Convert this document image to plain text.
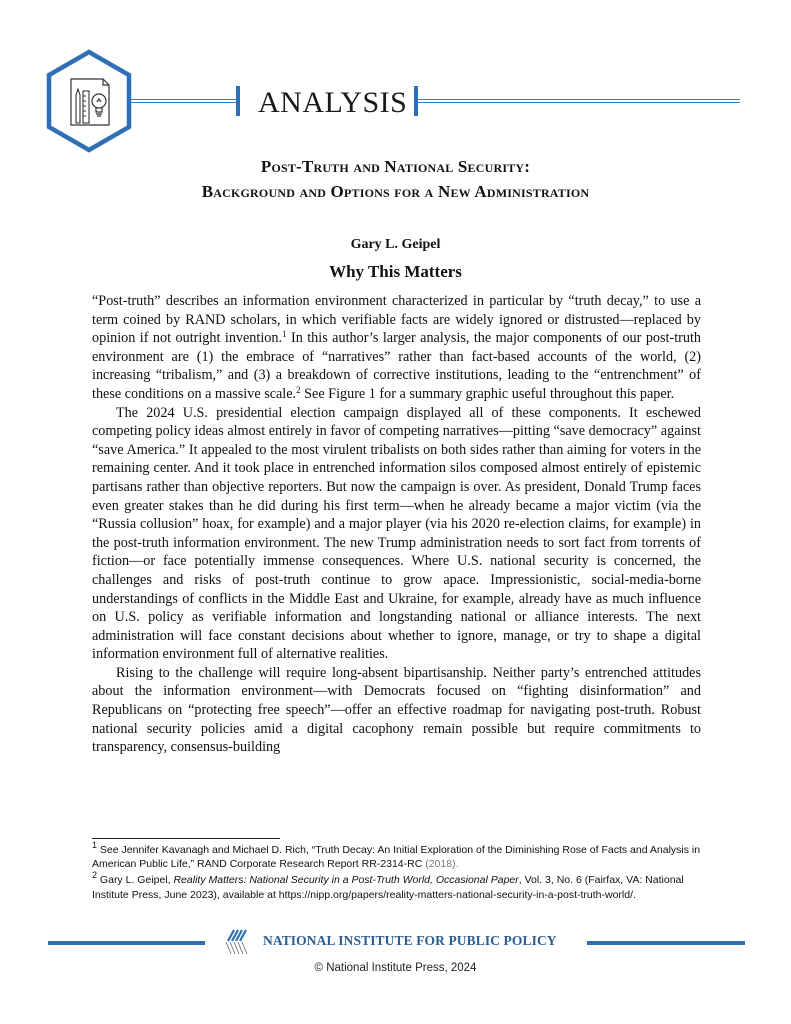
ANALYSIS
Post-Truth and National Security:
Background and Options for a New Administration
Gary L. Geipel
Why This Matters

“Post-truth” describes an information environment characterized in particular by “truth decay,” to use a term coined by RAND scholars, in which verifiable facts are widely ignored or distrusted—replaced by opinion if not outright invention.$^1$ In this author’s larger analysis, the major components of our post-truth environment are (1) the embrace of “narratives” rather than fact-based accounts of the world, (2) increasing “tribalism,” and (3) a breakdown of corrective institutions, leading to the “entrenchment” of these conditions on a massive scale.$^2$ See Figure 1 for a summary graphic useful throughout this paper.

The 2024 U.S. presidential election campaign displayed all of these components. It eschewed competing policy ideas almost entirely in favor of competing narratives—pitting “save democracy” against “save America.” It appealed to the most virulent tribalists on both sides rather than aiming for voters in the remaining center. And it took place in entrenched information silos composed almost entirely of epistemic partisans rather than objective reporters. But now the campaign is over. As president, Donald Trump faces even greater stakes than he did during his first term—when he already became a major victim (via the “Russia collusion” hoax, for example) and a major player (via his 2020 re-election claims, for example) in the post-truth information environment. The new Trump administration needs to sort fact from torrents of fiction—or face potentially immense consequences. Where U.S. national security is concerned, the challenges and risks of post-truth continue to grow apace. Impressionistic, social-media-borne understandings of conflicts in the Middle East and Ukraine, for example, already have as much influence on U.S. policy as verifiable information and longstanding national or alliance interests. The next administration will face constant decisions about whether to ignore, manage, or try to shape a digital information environment full of alternative realities.

Rising to the challenge will require long-absent bipartisanship. Neither party’s entrenched attitudes about the information environment—with Democrats focused on “fighting disinformation” and Republicans on “protecting free speech”—offer an effective roadmap for navigating post-truth. Robust national security policies amid a digital cacophony remain possible but require commitments to transparency, consensus-building

$^1$ See Jennifer Kavanagh and Michael D. Rich, “Truth Decay: An Initial Exploration of the Diminishing Rose of Facts and Analysis in American Public Life,” RAND Corporate Research Report RR-2314-RC (2018).

$^2$ Gary L. Geipel, Reality Matters: National Security in a Post-Truth World, Occasional Paper, Vol. 3, No. 6 (Fairfax, VA: National Institute Press, June 2023), available at https://nipp.org/papers/reality-matters-national-security-in-a-post-truth-world/.

NATIONAL INSTITUTE FOR PUBLIC POLICY
© National Institute Press, 2024
